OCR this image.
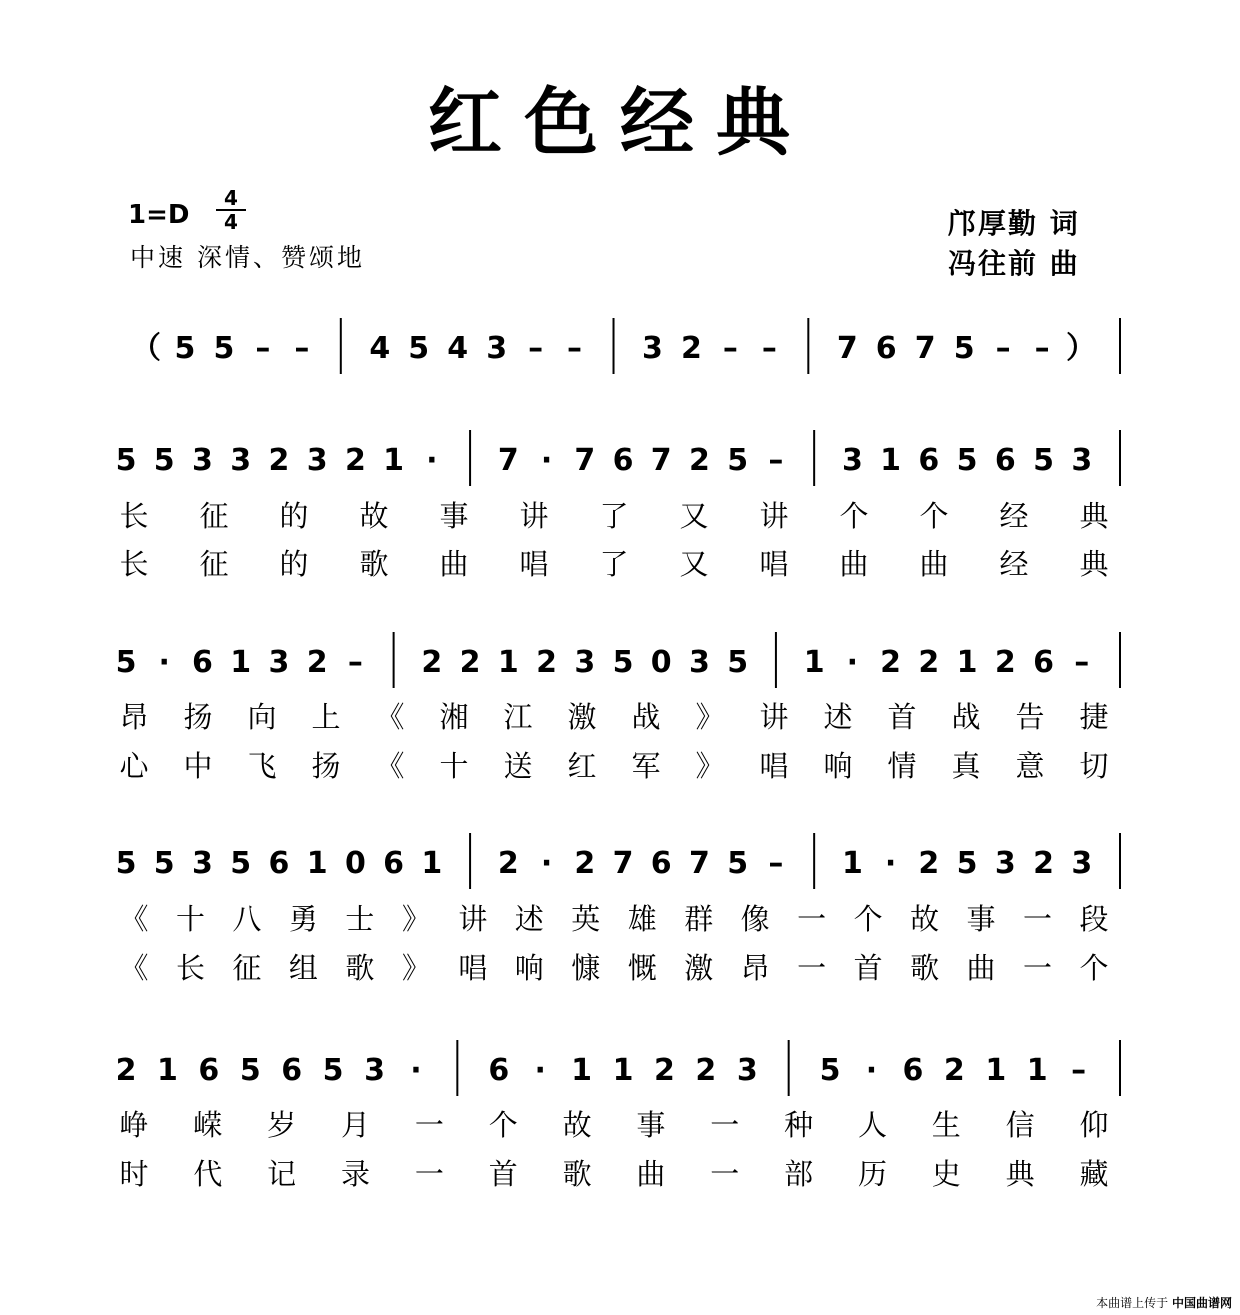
红色经典
1=D
4
4
中速 深情、赞颂地
邝厚勤 词
冯往前 曲
（ 5 5 – – 4 5 4 3 – – 3 2 – – 7 6 7 5 – – ）
5 5 3 3 2 3 2 1 · 7 · 7 6 7 2 5 – 3 1 6 5 6 5 3
长 征 的 故 事 讲 了 又 讲 个 个 经 典
长 征 的 歌 曲 唱 了 又 唱 曲 曲 经 典
5 · 6 1 3 2 – 2 2 1 2 3 5 0 3 5 1 · 2 2 1 2 6 –
昂 扬 向 上 《 湘 江 激 战 》 讲 述 首 战 告 捷
心 中 飞 扬 《 十 送 红 军 》 唱 响 情 真 意 切
5 5 3 5 6 1 0 6 1 2 · 2 7 6 7 5 – 1 · 2 5 3 2 3
《 十 八 勇 士 》 讲 述 英 雄 群 像 一 个 故 事 一 段
《 长 征 组 歌 》 唱 响 慷 慨 激 昂 一 首 歌 曲 一 个
2 1 6 5 6 5 3 · 6 · 1 1 2 2 3 5 · 6 2 1 1 –
峥 嵘 岁 月 一 个 故 事 一 种 人 生 信 仰
时 代 记 录 一 首 歌 曲 一 部 历 史 典 藏
本曲谱上传于 中国曲谱网
